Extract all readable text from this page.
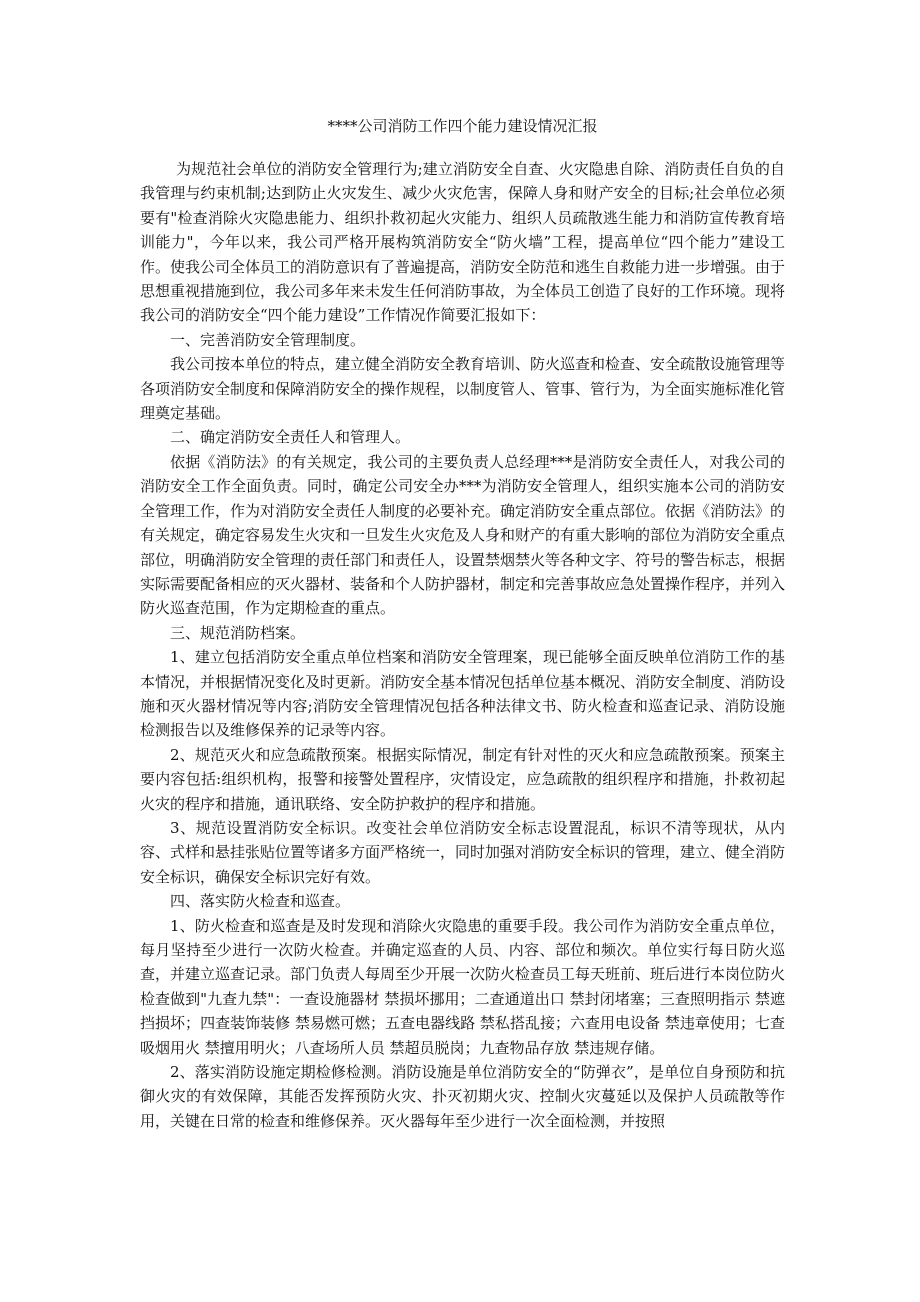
****公司消防工作四个能力建设情况汇报

为规范社会单位的消防安全管理行为;建立消防安全自查、火灾隐患自除、消防责任自负的自我管理与约束机制;达到防止火灾发生、减少火灾危害，保障人身和财产安全的目标;社会单位必须要有"检查消除火灾隐患能力、组织扑救初起火灾能力、组织人员疏散逃生能力和消防宣传教育培训能力"，今年以来，我公司严格开展构筑消防安全“防火墙”工程，提高单位“四个能力”建设工作。使我公司全体员工的消防意识有了普遍提高，消防安全防范和逃生自救能力进一步增强。由于思想重视措施到位，我公司多年来未发生任何消防事故，为全体员工创造了良好的工作环境。现将我公司的消防安全“四个能力建设”工作情况作简要汇报如下：

一、完善消防安全管理制度。

我公司按本单位的特点，建立健全消防安全教育培训、防火巡查和检查、安全疏散设施管理等各项消防安全制度和保障消防安全的操作规程，以制度管人、管事、管行为，为全面实施标准化管理奠定基础。

二、确定消防安全责任人和管理人。

依据《消防法》的有关规定，我公司的主要负责人总经理***是消防安全责任人，对我公司的消防安全工作全面负责。同时，确定公司安全办***为消防安全管理人，组织实施本公司的消防安全管理工作，作为对消防安全责任人制度的必要补充。确定消防安全重点部位。依据《消防法》的有关规定，确定容易发生火灾和一旦发生火灾危及人身和财产的有重大影响的部位为消防安全重点部位，明确消防安全管理的责任部门和责任人，设置禁烟禁火等各种文字、符号的警告标志，根据实际需要配备相应的灭火器材、装备和个人防护器材，制定和完善事故应急处置操作程序，并列入防火巡查范围，作为定期检查的重点。

三、规范消防档案。

1、建立包括消防安全重点单位档案和消防安全管理案，现已能够全面反映单位消防工作的基本情况，并根据情况变化及时更新。消防安全基本情况包括单位基本概况、消防安全制度、消防设施和灭火器材情况等内容;消防安全管理情况包括各种法律文书、防火检查和巡查记录、消防设施检测报告以及维修保养的记录等内容。

2、规范灭火和应急疏散预案。根据实际情况，制定有针对性的灭火和应急疏散预案。预案主要内容包括:组织机构，报警和接警处置程序，灾情设定，应急疏散的组织程序和措施，扑救初起火灾的程序和措施，通讯联络、安全防护救护的程序和措施。

3、规范设置消防安全标识。改变社会单位消防安全标志设置混乱，标识不清等现状，从内容、式样和悬挂张贴位置等诸多方面严格统一，同时加强对消防安全标识的管理，建立、健全消防安全标识，确保安全标识完好有效。

四、落实防火检查和巡查。

1、防火检查和巡查是及时发现和消除火灾隐患的重要手段。我公司作为消防安全重点单位，每月坚持至少进行一次防火检查。并确定巡查的人员、内容、部位和频次。单位实行每日防火巡查，并建立巡查记录。部门负责人每周至少开展一次防火检查员工每天班前、班后进行本岗位防火检查做到"九查九禁"：一查设施器材 禁损坏挪用；二查通道出口 禁封闭堵塞；三查照明指示 禁遮挡损坏；四查装饰装修 禁易燃可燃；五查电器线路 禁私搭乱接；六查用电设备 禁违章使用；七查吸烟用火 禁擅用明火；八查场所人员 禁超员脱岗；九查物品存放 禁违规存储。

2、落实消防设施定期检修检测。消防设施是单位消防安全的“防弹衣”，是单位自身预防和抗御火灾的有效保障，其能否发挥预防火灾、扑灭初期火灾、控制火灾蔓延以及保护人员疏散等作用，关键在日常的检查和维修保养。灭火器每年至少进行一次全面检测，并按照
